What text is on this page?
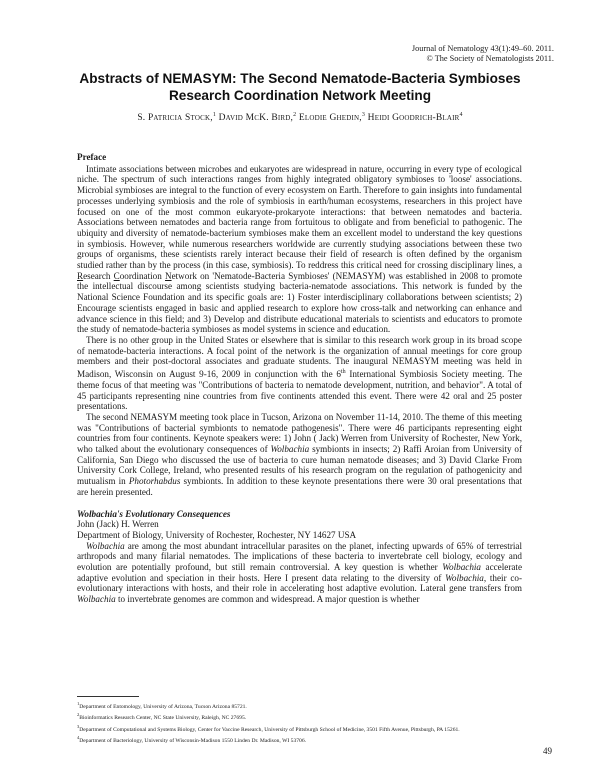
Journal of Nematology 43(1):49–60. 2011.
© The Society of Nematologists 2011.
Abstracts of NEMASYM: The Second Nematode-Bacteria Symbioses
Research Coordination Network Meeting
S. Patricia Stock,$^1$ David McK. Bird,$^2$ Elodie Ghedin,$^3$ Heidi Goodrich-Blair$^4$

Preface

Intimate associations between microbes and eukaryotes are widespread in nature, occurring in every type of ecological niche. The spectrum of such interactions ranges from highly integrated obligatory symbioses to 'loose' associations. Microbial symbioses are integral to the function of every ecosystem on Earth. Therefore to gain insights into fundamental processes underlying symbiosis and the role of symbiosis in earth/human ecosystems, researchers in this project have focused on one of the most common eukaryote-prokaryote interactions: that between nematodes and bacteria. Associations between nematodes and bacteria range from fortuitous to obligate and from beneficial to pathogenic. The ubiquity and diversity of nematode-bacterium symbioses make them an excellent model to understand the key questions in symbiosis. However, while numerous researchers worldwide are currently studying associations between these two groups of organisms, these scientists rarely interact because their field of research is often defined by the organism studied rather than by the process (in this case, symbiosis). To reddress this critical need for crossing disciplinary lines, a Research Coordination Network on 'Nematode-Bacteria Symbioses' (NEMASYM) was established in 2008 to promote the intellectual discourse among scientists studying bacteria-nematode associations. This network is funded by the National Science Foundation and its specific goals are: 1) Foster interdisciplinary collaborations between scientists; 2) Encourage scientists engaged in basic and applied research to explore how cross-talk and networking can enhance and advance science in this field; and 3) Develop and distribute educational materials to scientists and educators to promote the study of nematode-bacteria symbioses as model systems in science and education.

There is no other group in the United States or elsewhere that is similar to this research work group in its broad scope of nematode-bacteria interactions. A focal point of the network is the organization of annual meetings for core group members and their post-doctoral associates and graduate students. The inaugural NEMASYM meeting was held in Madison, Wisconsin on August 9-16, 2009 in conjunction with the 6th International Symbiosis Society meeting. The theme focus of that meeting was "Contributions of bacteria to nematode development, nutrition, and behavior". A total of 45 participants representing nine countries from five continents attended this event. There were 42 oral and 25 poster presentations.

The second NEMASYM meeting took place in Tucson, Arizona on November 11-14, 2010. The theme of this meeting was "Contributions of bacterial symbionts to nematode pathogenesis". There were 46 participants representing eight countries from four continents. Keynote speakers were: 1) John ( Jack) Werren from University of Rochester, New York, who talked about the evolutionary consequences of Wolbachia symbionts in insects; 2) Raffi Aroian from University of California, San Diego who discussed the use of bacteria to cure human nematode diseases; and 3) David Clarke From University Cork College, Ireland, who presented results of his research program on the regulation of pathogenicity and mutualism in Photorhabdus symbionts. In addition to these keynote presentations there were 30 oral presentations that are herein presented.

Wolbachia's Evolutionary Consequences

John (Jack) H. Werren

Department of Biology, University of Rochester, Rochester, NY 14627 USA

Wolbachia are among the most abundant intracellular parasites on the planet, infecting upwards of 65% of terrestrial arthropods and many filarial nematodes. The implications of these bacteria to invertebrate cell biology, ecology and evolution are potentially profound, but still remain controversial. A key question is whether Wolbachia accelerate adaptive evolution and speciation in their hosts. Here I present data relating to the diversity of Wolbachia, their co-evolutionary interactions with hosts, and their role in accelerating host adaptive evolution. Lateral gene transfers from Wolbachia to invertebrate genomes are common and widespread. A major question is whether

$^1$Department of Entomology, University of Arizona, Tucson Arizona 85721.

$^2$Bioinformatics Research Center, NC State University, Raleigh, NC 27695.

$^3$Department of Computational and Systems Biology, Center for Vaccine Research, University of Pittsburgh School of Medicine, 3501 Fifth Avenue, Pittsburgh, PA 15261.

$^4$Department of Bacteriology, University of Wisconsin-Madison 1550 Linden Dr. Madison, WI 53706.

49
